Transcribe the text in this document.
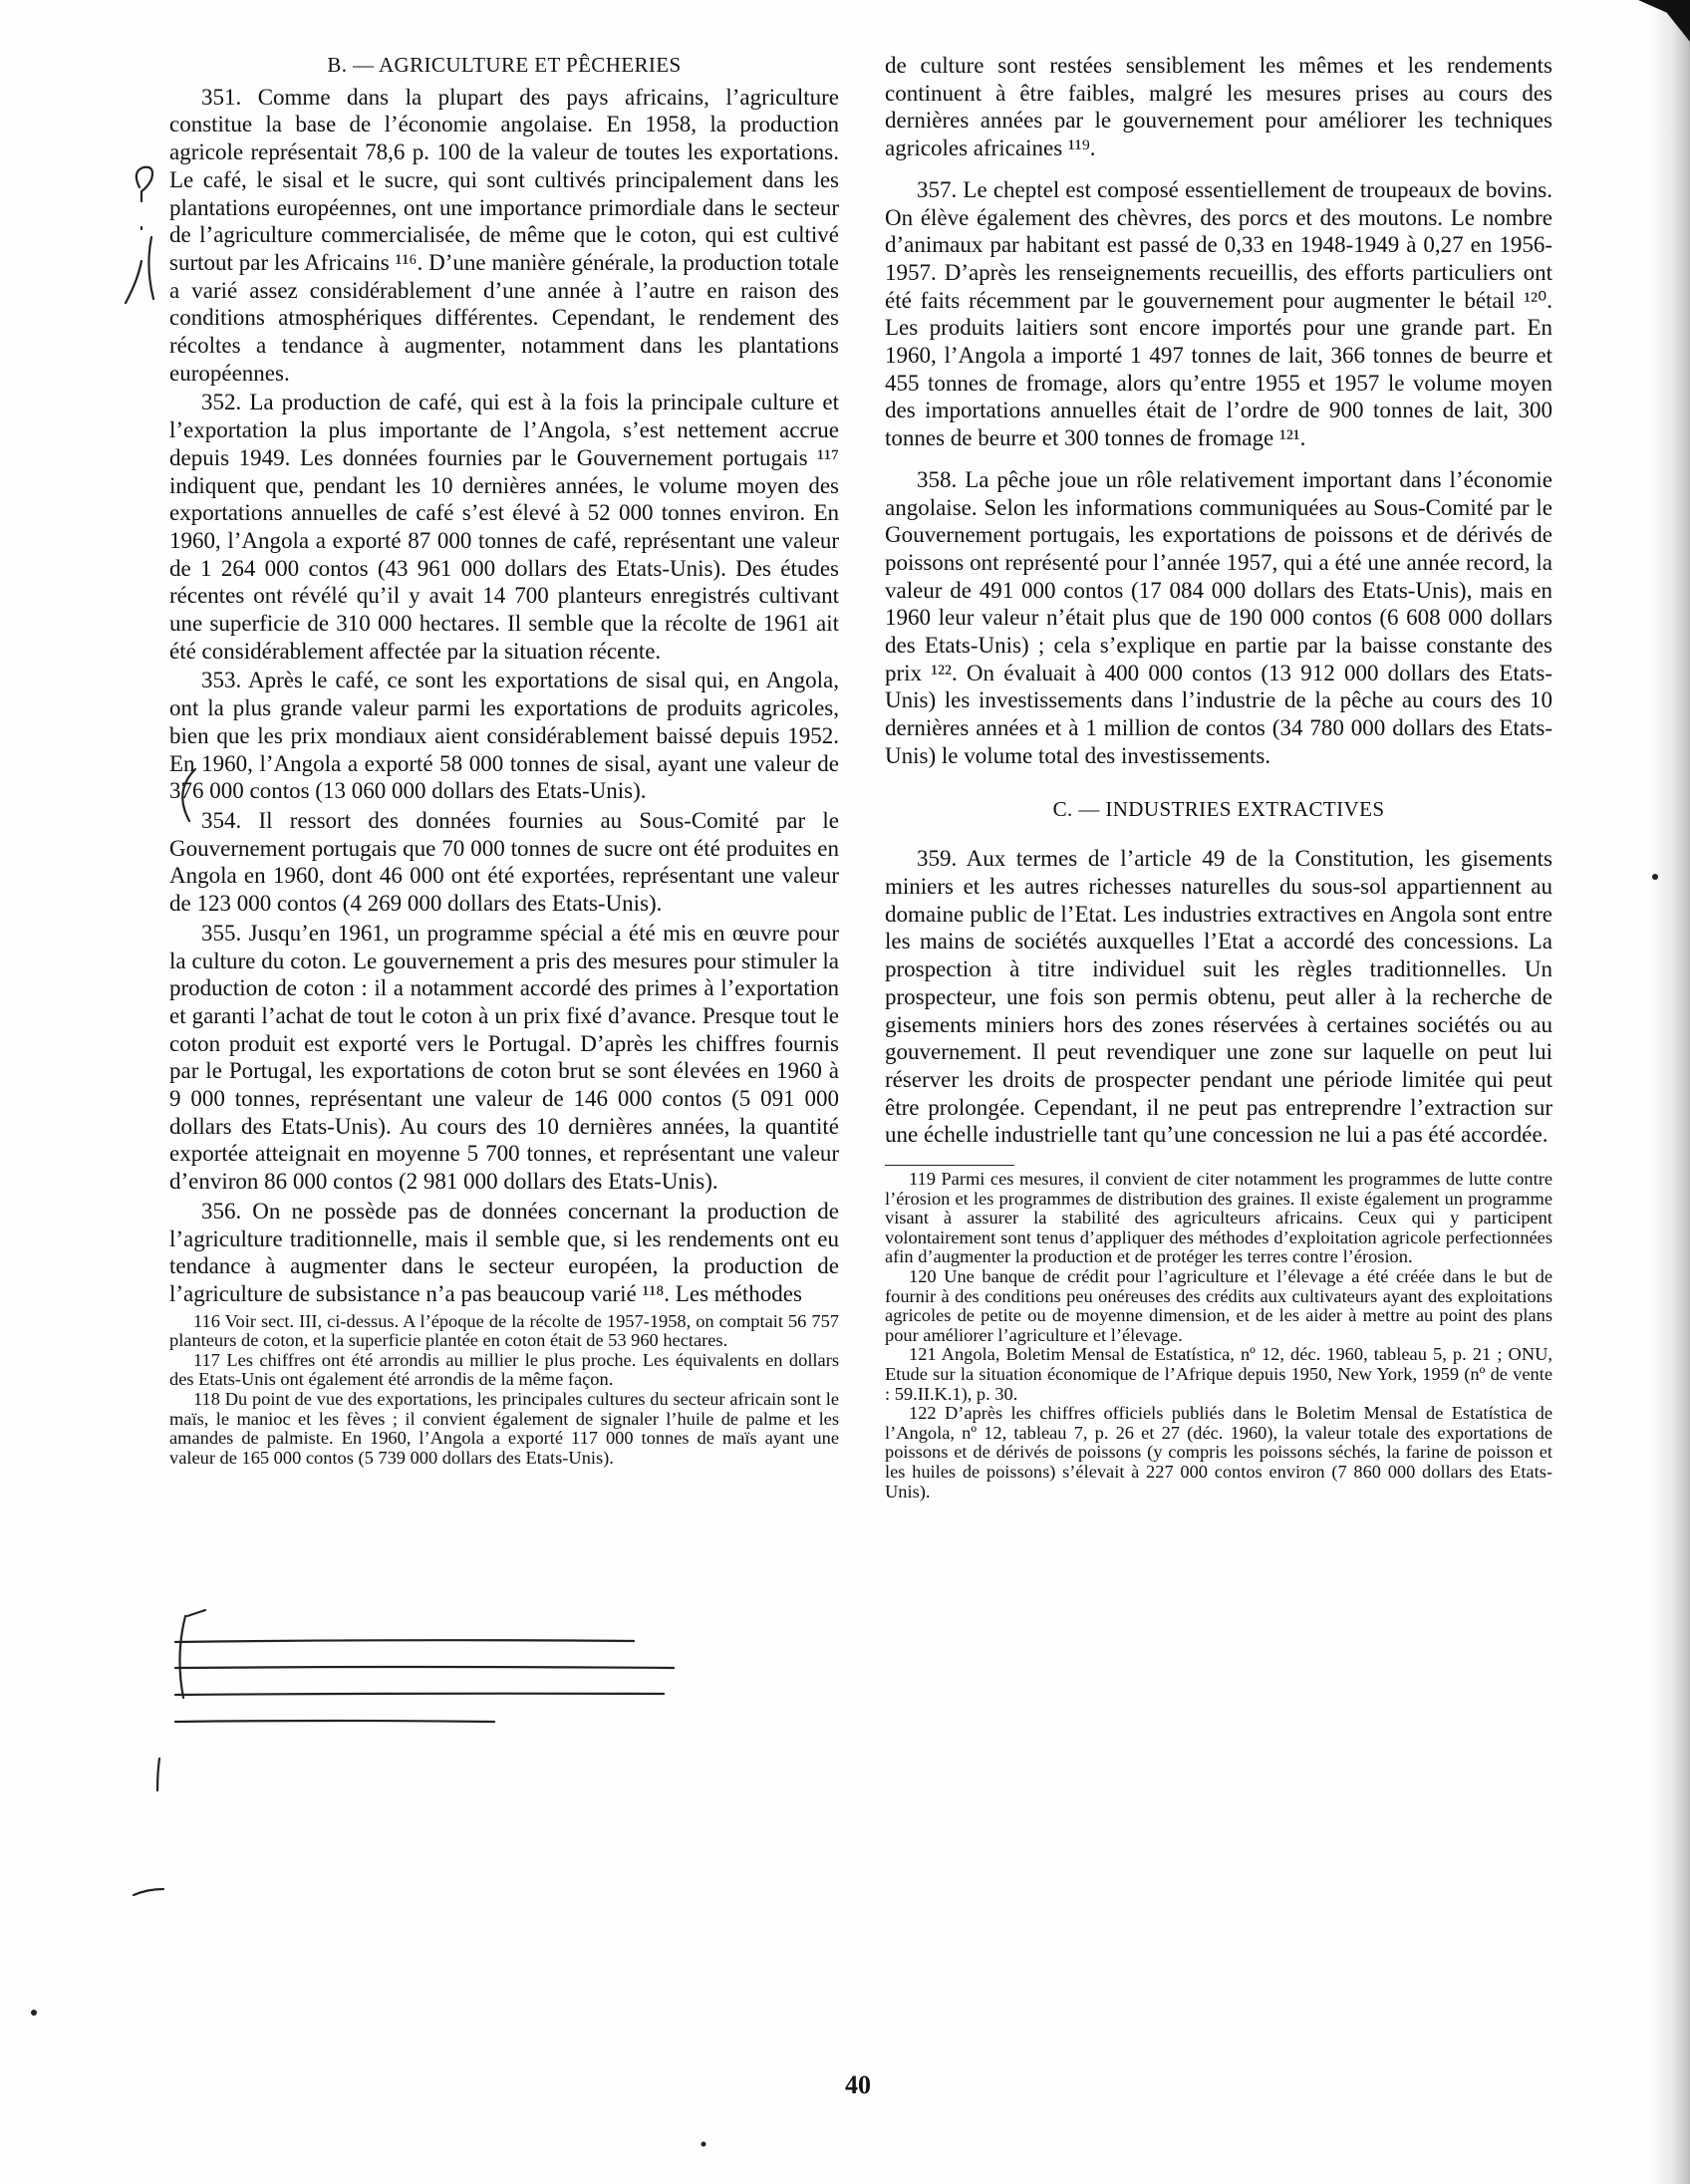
B. — AGRICULTURE ET PÊCHERIES

351. Comme dans la plupart des pays africains, l’agriculture constitue la base de l’économie angolaise. En 1958, la production agricole représentait 78,6 p. 100 de la valeur de toutes les exportations. Le café, le sisal et le sucre, qui sont cultivés principalement dans les plantations européennes, ont une importance primordiale dans le secteur de l’agriculture commercialisée, de même que le coton, qui est cultivé surtout par les Africains ¹¹⁶. D’une manière générale, la production totale a varié assez considérablement d’une année à l’autre en raison des conditions atmosphériques différentes. Cependant, le rendement des récoltes a tendance à augmenter, notamment dans les plantations européennes.

352. La production de café, qui est à la fois la principale culture et l’exportation la plus importante de l’Angola, s’est nettement accrue depuis 1949. Les données fournies par le Gouvernement portugais ¹¹⁷ indiquent que, pendant les 10 dernières années, le volume moyen des exportations annuelles de café s’est élevé à 52 000 tonnes environ. En 1960, l’Angola a exporté 87 000 tonnes de café, représentant une valeur de 1 264 000 contos (43 961 000 dollars des Etats-Unis). Des études récentes ont révélé qu’il y avait 14 700 planteurs enregistrés cultivant une superficie de 310 000 hectares. Il semble que la récolte de 1961 ait été considérablement affectée par la situation récente.

353. Après le café, ce sont les exportations de sisal qui, en Angola, ont la plus grande valeur parmi les exportations de produits agricoles, bien que les prix mondiaux aient considérablement baissé depuis 1952. En 1960, l’Angola a exporté 58 000 tonnes de sisal, ayant une valeur de 376 000 contos (13 060 000 dollars des Etats-Unis).

354. Il ressort des données fournies au Sous-Comité par le Gouvernement portugais que 70 000 tonnes de sucre ont été produites en Angola en 1960, dont 46 000 ont été exportées, représentant une valeur de 123 000 contos (4 269 000 dollars des Etats-Unis).

355. Jusqu’en 1961, un programme spécial a été mis en œuvre pour la culture du coton. Le gouvernement a pris des mesures pour stimuler la production de coton : il a notamment accordé des primes à l’exportation et garanti l’achat de tout le coton à un prix fixé d’avance. Presque tout le coton produit est exporté vers le Portugal. D’après les chiffres fournis par le Portugal, les exportations de coton brut se sont élevées en 1960 à 9 000 tonnes, représentant une valeur de 146 000 contos (5 091 000 dollars des Etats-Unis). Au cours des 10 dernières années, la quantité exportée atteignait en moyenne 5 700 tonnes, et représentant une valeur d’environ 86 000 contos (2 981 000 dollars des Etats-Unis).

356. On ne possède pas de données concernant la production de l’agriculture traditionnelle, mais il semble que, si les rendements ont eu tendance à augmenter dans le secteur européen, la production de l’agriculture de subsistance n’a pas beaucoup varié ¹¹⁸. Les méthodes

116 Voir sect. III, ci-dessus. A l’époque de la récolte de 1957-1958, on comptait 56 757 planteurs de coton, et la superficie plantée en coton était de 53 960 hectares.

117 Les chiffres ont été arrondis au millier le plus proche. Les équivalents en dollars des Etats-Unis ont également été arrondis de la même façon.

118 Du point de vue des exportations, les principales cultures du secteur africain sont le maïs, le manioc et les fèves ; il convient également de signaler l’huile de palme et les amandes de palmiste. En 1960, l’Angola a exporté 117 000 tonnes de maïs ayant une valeur de 165 000 contos (5 739 000 dollars des Etats-Unis).

de culture sont restées sensiblement les mêmes et les rendements continuent à être faibles, malgré les mesures prises au cours des dernières années par le gouvernement pour améliorer les techniques agricoles africaines ¹¹⁹.

357. Le cheptel est composé essentiellement de troupeaux de bovins. On élève également des chèvres, des porcs et des moutons. Le nombre d’animaux par habitant est passé de 0,33 en 1948-1949 à 0,27 en 1956-1957. D’après les renseignements recueillis, des efforts particuliers ont été faits récemment par le gouvernement pour augmenter le bétail ¹²⁰. Les produits laitiers sont encore importés pour une grande part. En 1960, l’Angola a importé 1 497 tonnes de lait, 366 tonnes de beurre et 455 tonnes de fromage, alors qu’entre 1955 et 1957 le volume moyen des importations annuelles était de l’ordre de 900 tonnes de lait, 300 tonnes de beurre et 300 tonnes de fromage ¹²¹.

358. La pêche joue un rôle relativement important dans l’économie angolaise. Selon les informations communiquées au Sous-Comité par le Gouvernement portugais, les exportations de poissons et de dérivés de poissons ont représenté pour l’année 1957, qui a été une année record, la valeur de 491 000 contos (17 084 000 dollars des Etats-Unis), mais en 1960 leur valeur n’était plus que de 190 000 contos (6 608 000 dollars des Etats-Unis) ; cela s’explique en partie par la baisse constante des prix ¹²². On évaluait à 400 000 contos (13 912 000 dollars des Etats-Unis) les investissements dans l’industrie de la pêche au cours des 10 dernières années et à 1 million de contos (34 780 000 dollars des Etats-Unis) le volume total des investissements.

C. — INDUSTRIES EXTRACTIVES

359. Aux termes de l’article 49 de la Constitution, les gisements miniers et les autres richesses naturelles du sous-sol appartiennent au domaine public de l’Etat. Les industries extractives en Angola sont entre les mains de sociétés auxquelles l’Etat a accordé des concessions. La prospection à titre individuel suit les règles traditionnelles. Un prospecteur, une fois son permis obtenu, peut aller à la recherche de gisements miniers hors des zones réservées à certaines sociétés ou au gouvernement. Il peut revendiquer une zone sur laquelle on peut lui réserver les droits de prospecter pendant une période limitée qui peut être prolongée. Cependant, il ne peut pas entreprendre l’extraction sur une échelle industrielle tant qu’une concession ne lui a pas été accordée.

119 Parmi ces mesures, il convient de citer notamment les programmes de lutte contre l’érosion et les programmes de distribution des graines. Il existe également un programme visant à assurer la stabilité des agriculteurs africains. Ceux qui y participent volontairement sont tenus d’appliquer des méthodes d’exploitation agricole perfectionnées afin d’augmenter la production et de protéger les terres contre l’érosion.

120 Une banque de crédit pour l’agriculture et l’élevage a été créée dans le but de fournir à des conditions peu onéreuses des crédits aux cultivateurs ayant des exploitations agricoles de petite ou de moyenne dimension, et de les aider à mettre au point des plans pour améliorer l’agriculture et l’élevage.

121 Angola, Boletim Mensal de Estatística, nº 12, déc. 1960, tableau 5, p. 21 ; ONU, Etude sur la situation économique de l’Afrique depuis 1950, New York, 1959 (nº de vente : 59.II.K.1), p. 30.

122 D’après les chiffres officiels publiés dans le Boletim Mensal de Estatística de l’Angola, nº 12, tableau 7, p. 26 et 27 (déc. 1960), la valeur totale des exportations de poissons et de dérivés de poissons (y compris les poissons séchés, la farine de poisson et les huiles de poissons) s’élevait à 227 000 contos environ (7 860 000 dollars des Etats-Unis).

40
